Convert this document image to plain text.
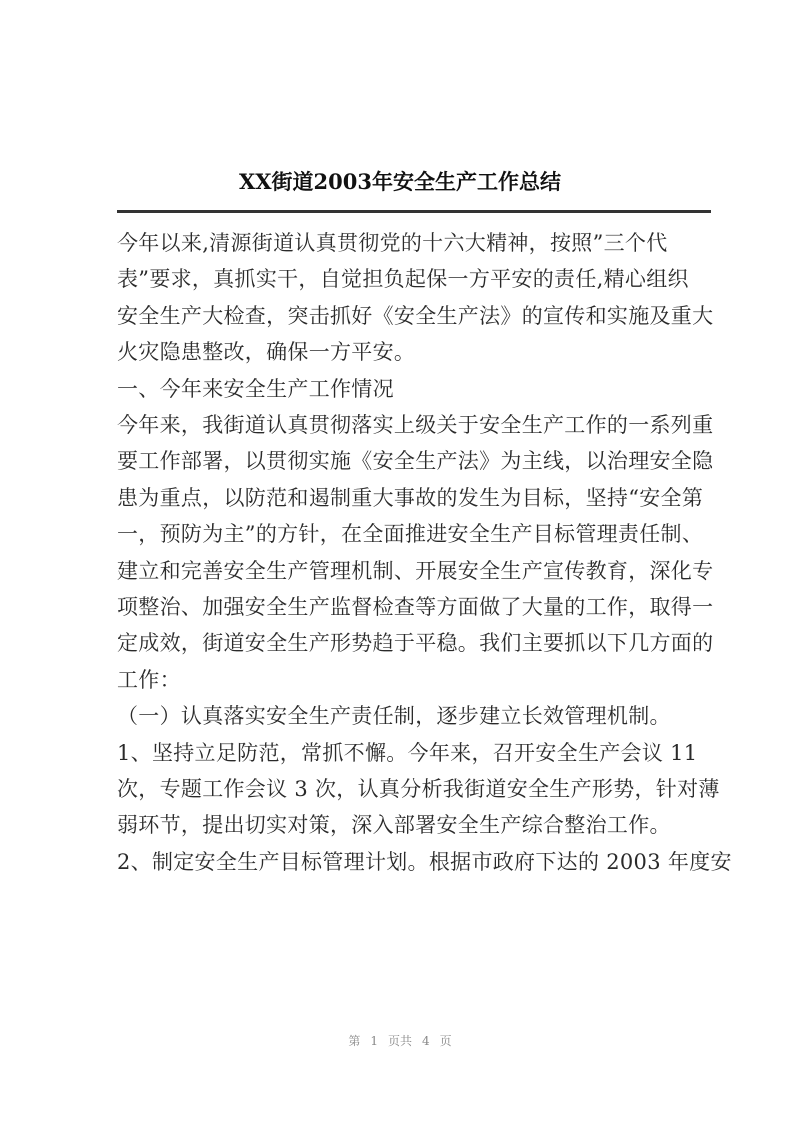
XX街道2003年安全生产工作总结
今年以来,清源街道认真贯彻党的十六大精神，按照”三个代
表”要求，真抓实干，自觉担负起保一方平安的责任,精心组织
安全生产大检查，突击抓好《安全生产法》的宣传和实施及重大
火灾隐患整改，确保一方平安。
一、今年来安全生产工作情况
今年来，我街道认真贯彻落实上级关于安全生产工作的一系列重
要工作部署，以贯彻实施《安全生产法》为主线，以治理安全隐
患为重点，以防范和遏制重大事故的发生为目标，坚持“安全第
一，预防为主”的方针，在全面推进安全生产目标管理责任制、
建立和完善安全生产管理机制、开展安全生产宣传教育，深化专
项整治、加强安全生产监督检查等方面做了大量的工作，取得一
定成效，街道安全生产形势趋于平稳。我们主要抓以下几方面的
工作：
（一）认真落实安全生产责任制，逐步建立长效管理机制。
1、坚持立足防范，常抓不懈。今年来，召开安全生产会议 11
次，专题工作会议 3 次，认真分析我街道安全生产形势，针对薄
弱环节，提出切实对策，深入部署安全生产综合整治工作。
2、制定安全生产目标管理计划。根据市政府下达的 2003 年度安
第 1 页共 4 页
